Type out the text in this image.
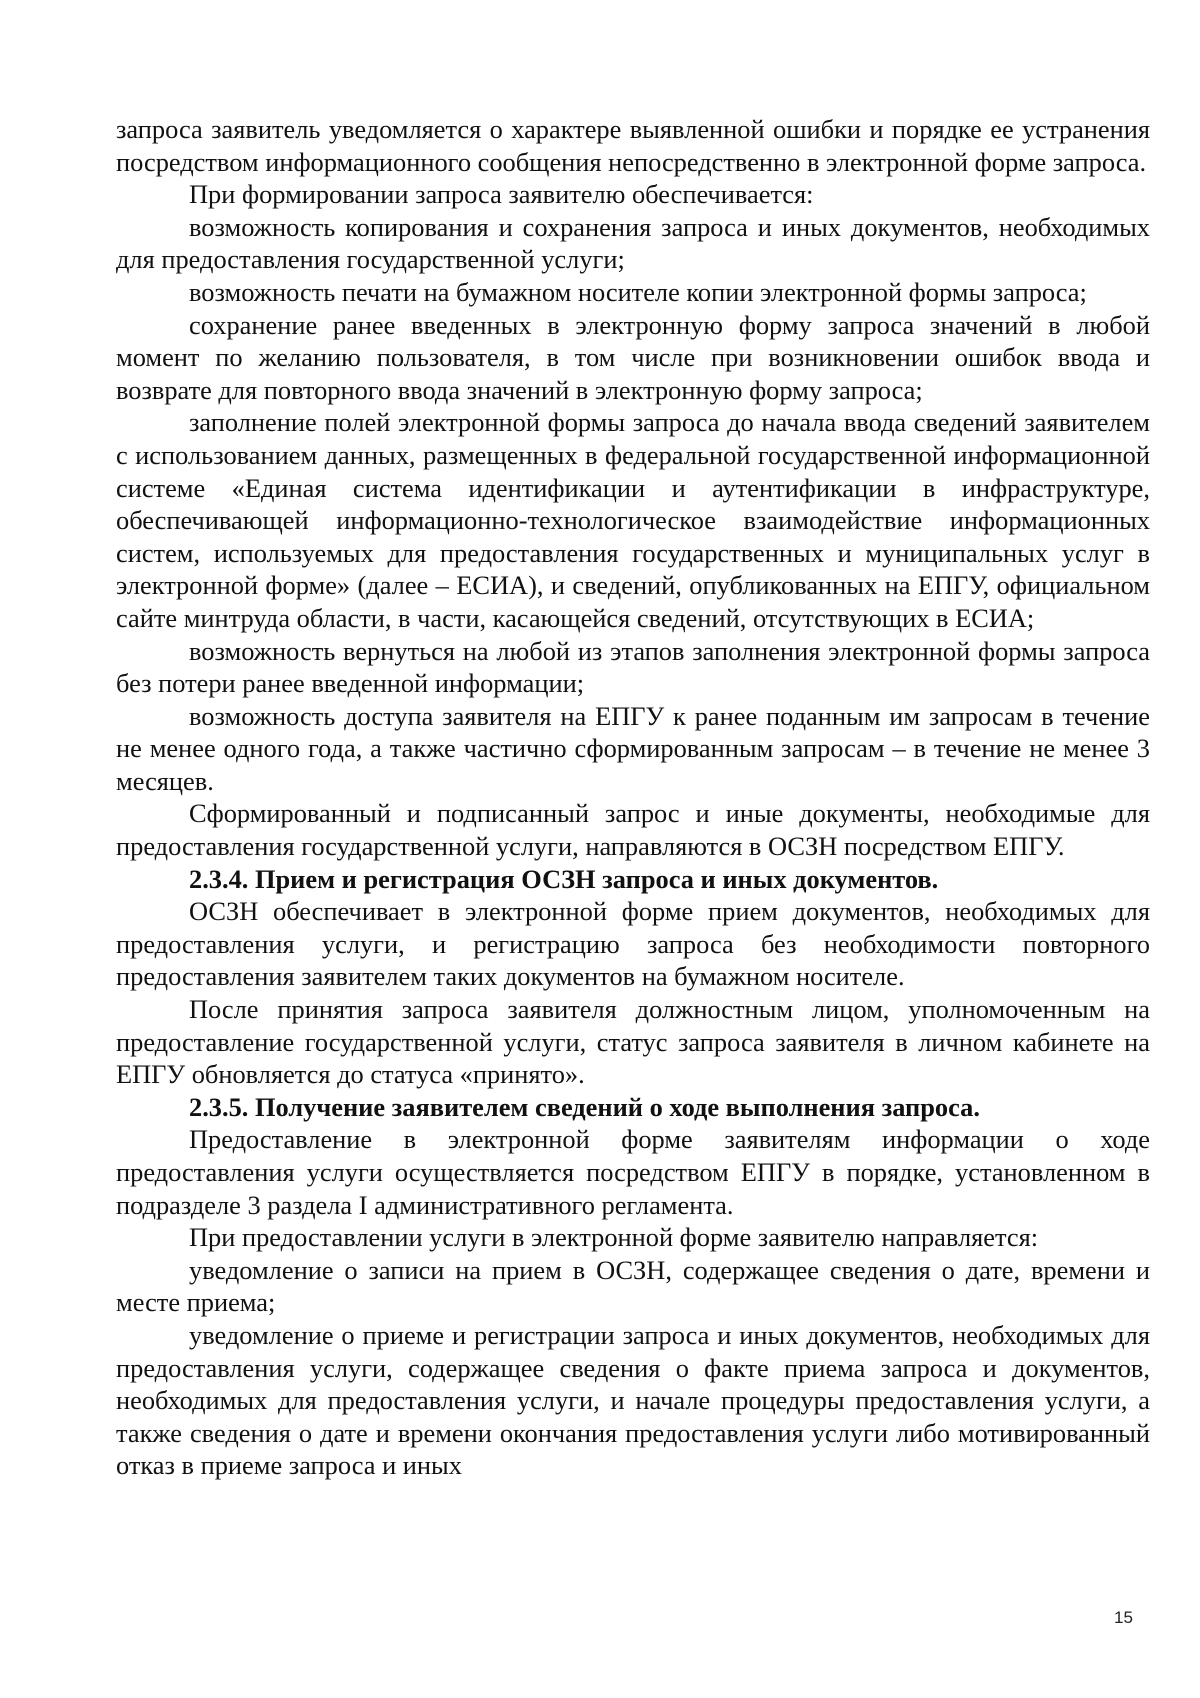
запроса заявитель уведомляется о характере выявленной ошибки и порядке ее устранения посредством информационного сообщения непосредственно в электронной форме запроса.

При формировании запроса заявителю обеспечивается:

возможность копирования и сохранения запроса и иных документов, необходимых для предоставления государственной услуги;

возможность печати на бумажном носителе копии электронной формы запроса;

сохранение ранее введенных в электронную форму запроса значений в любой момент по желанию пользователя, в том числе при возникновении ошибок ввода и возврате для повторного ввода значений в электронную форму запроса;

заполнение полей электронной формы запроса до начала ввода сведений заявителем с использованием данных, размещенных в федеральной государственной информационной системе «Единая система идентификации и аутентификации в инфраструктуре, обеспечивающей информационно-технологическое взаимодействие информационных систем, используемых для предоставления государственных и муниципальных услуг в электронной форме» (далее – ЕСИА), и сведений, опубликованных на ЕПГУ, официальном сайте минтруда области, в части, касающейся сведений, отсутствующих в ЕСИА;

возможность вернуться на любой из этапов заполнения электронной формы запроса без потери ранее введенной информации;

возможность доступа заявителя на ЕПГУ к ранее поданным им запросам в течение не менее одного года, а также частично сформированным запросам – в течение не менее 3 месяцев.

Сформированный и подписанный запрос и иные документы, необходимые для предоставления государственной услуги, направляются в ОСЗН посредством ЕПГУ.

2.3.4. Прием и регистрация ОСЗН запроса и иных документов.

ОСЗН обеспечивает в электронной форме прием документов, необходимых для предоставления услуги, и регистрацию запроса без необходимости повторного предоставления заявителем таких документов на бумажном носителе.

После принятия запроса заявителя должностным лицом, уполномоченным на предоставление государственной услуги, статус запроса заявителя в личном кабинете на ЕПГУ обновляется до статуса «принято».

2.3.5. Получение заявителем сведений о ходе выполнения запроса.

Предоставление в электронной форме заявителям информации о ходе предоставления услуги осуществляется посредством ЕПГУ в порядке, установленном в подразделе 3 раздела I административного регламента.

При предоставлении услуги в электронной форме заявителю направляется:

уведомление о записи на прием в ОСЗН, содержащее сведения о дате, времени и месте приема;

уведомление о приеме и регистрации запроса и иных документов, необходимых для предоставления услуги, содержащее сведения о факте приема запроса и документов, необходимых для предоставления услуги, и начале процедуры предоставления услуги, а также сведения о дате и времени окончания предоставления услуги либо мотивированный отказ в приеме запроса и иных

15
